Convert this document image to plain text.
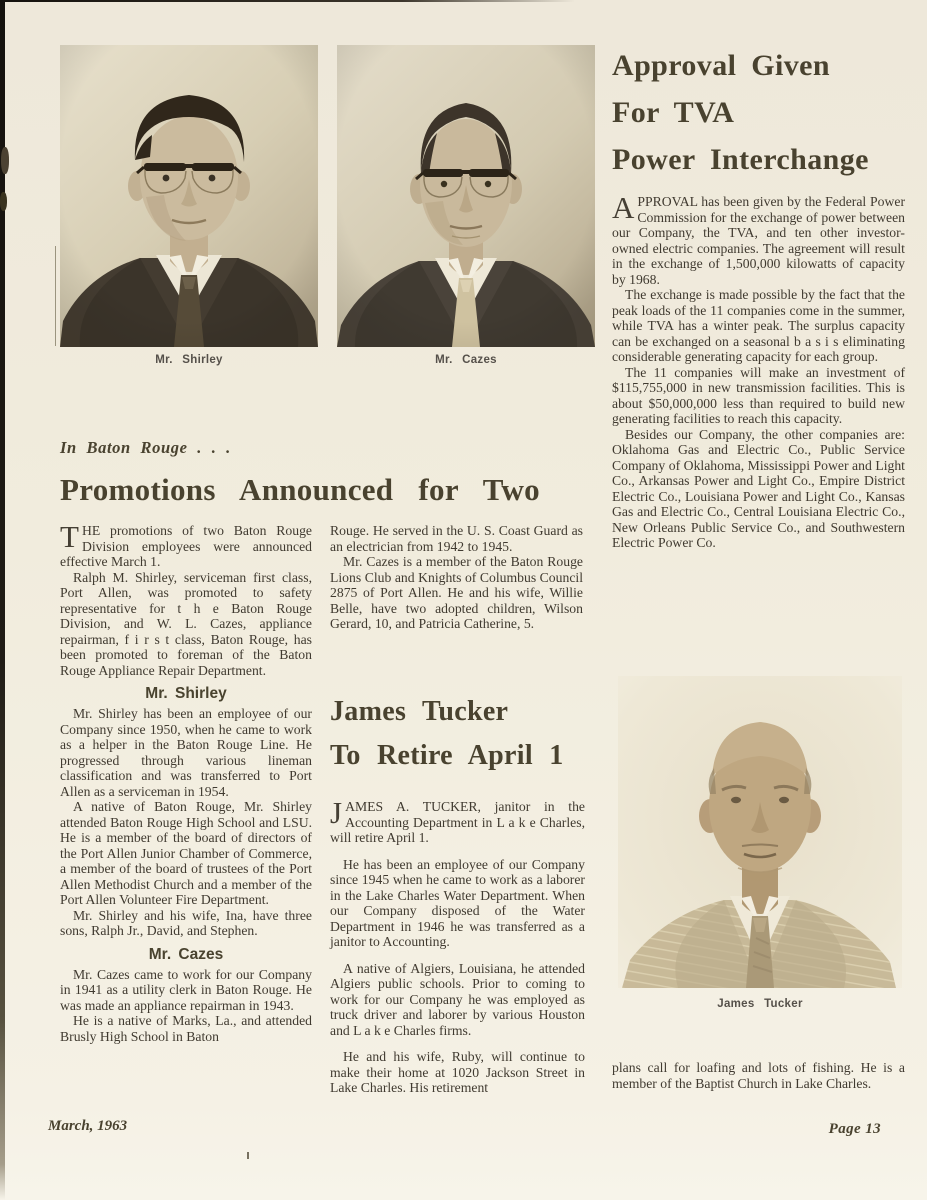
Mr. Shirley	Mr. Cazes
Approval Given
For TVA
Power Interchange

APPROVAL has been given by the Federal Power Commission for the exchange of power between our Company, the TVA, and ten other investor-owned electric companies. The agreement will result in the exchange of 1,500,000 kilowatts of capacity by 1968.

The exchange is made possible by the fact that the peak loads of the 11 companies come in the summer, while TVA has a winter peak. The surplus capacity can be exchanged on a seasonal b a s i s eliminating considerable generating capacity for each group.

The 11 companies will make an investment of $115,755,000 in new transmission facilities. This is about $50,000,000 less than required to build new generating facilities to reach this capacity.

Besides our Company, the other companies are: Oklahoma Gas and Electric Co., Public Service Company of Oklahoma, Mississippi Power and Light Co., Arkansas Power and Light Co., Empire District Electric Co., Louisiana Power and Light Co., Kansas Gas and Electric Co., Central Louisiana Electric Co., New Orleans Public Service Co., and Southwestern Electric Power Co.

In Baton Rouge . . .
Promotions Announced for Two

THE promotions of two Baton Rouge Division employees were announced effective March 1.

Ralph M. Shirley, serviceman first class, Port Allen, was promoted to safety representative for t h e Baton Rouge Division, and W. L. Cazes, appliance repairman, f i r s t class, Baton Rouge, has been promoted to foreman of the Baton Rouge Appliance Repair Department.

Mr. Shirley

Mr. Shirley has been an employee of our Company since 1950, when he came to work as a helper in the Baton Rouge Line. He progressed through various lineman classification and was transferred to Port Allen as a serviceman in 1954.

A native of Baton Rouge, Mr. Shirley attended Baton Rouge High School and LSU. He is a member of the board of directors of the Port Allen Junior Chamber of Commerce, a member of the board of trustees of the Port Allen Methodist Church and a member of the Port Allen Volunteer Fire Department.

Mr. Shirley and his wife, Ina, have three sons, Ralph Jr., David, and Stephen.

Mr. Cazes

Mr. Cazes came to work for our Company in 1941 as a utility clerk in Baton Rouge. He was made an appliance repairman in 1943.

He is a native of Marks, La., and attended Brusly High School in Baton

Rouge. He served in the U. S. Coast Guard as an electrician from 1942 to 1945.

Mr. Cazes is a member of the Baton Rouge Lions Club and Knights of Columbus Council 2875 of Port Allen. He and his wife, Willie Belle, have two adopted children, Wilson Gerard, 10, and Patricia Catherine, 5.

James Tucker
To Retire April 1

JAMES A. TUCKER, janitor in the Accounting Department in L a k e Charles, will retire April 1.

He has been an employee of our Company since 1945 when he came to work as a laborer in the Lake Charles Water Department. When our Company disposed of the Water Department in 1946 he was transferred as a janitor to Accounting.

A native of Algiers, Louisiana, he attended Algiers public schools. Prior to coming to work for our Company he was employed as truck driver and laborer by various Houston and L a k e Charles firms.

He and his wife, Ruby, will continue to make their home at 1020 Jackson Street in Lake Charles. His retirement

James Tucker

plans call for loafing and lots of fishing. He is a member of the Baptist Church in Lake Charles.

March, 1963	Page 13
